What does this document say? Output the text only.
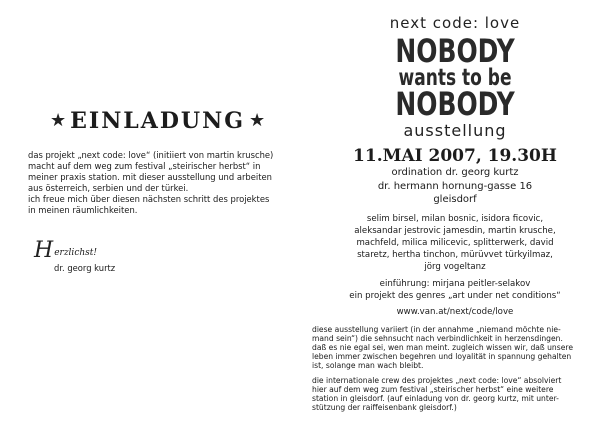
★ EINLADUNG ★
das projekt „next code: love“ (initiiert von martin krusche)
macht auf dem weg zum festival „steirischer herbst“ in
meiner praxis station. mit dieser ausstellung und arbeiten
aus österreich, serbien und der türkei.
ich freue mich über diesen nächsten schritt des projektes
in meinen räumlichkeiten.
H erzlichst!
dr. georg kurtz
next code: love
NOBODY
wants to be
NOBODY
ausstellung
11.MAI 2007, 19.30H
ordination dr. georg kurtz
dr. hermann hornung-gasse 16
gleisdorf
selim birsel, milan bosnic, isidora ficovic,
aleksandar jestrovic jamesdin, martin krusche,
machfeld, milica milicevic, splitterwerk, david
staretz, hertha tinchon, mürüvvet türkyilmaz,
jörg vogeltanz
einführung: mirjana peitler-selakov
ein projekt des genres „art under net conditions“
www.van.at/next/code/love
diese ausstellung variiert (in der annahme „niemand möchte nie-
mand sein“) die sehnsucht nach verbindlichkeit in herzensdingen.
daß es nie egal sei, wen man meint. zugleich wissen wir, daß unsere
leben immer zwischen begehren und loyalität in spannung gehalten
ist, solange man wach bleibt.
die internationale crew des projektes „next code: love“ absolviert
hier auf dem weg zum festival „steirischer herbst“ eine weitere
station in gleisdorf. (auf einladung von dr. georg kurtz, mit unter-
stützung der raiffeisenbank gleisdorf.)
